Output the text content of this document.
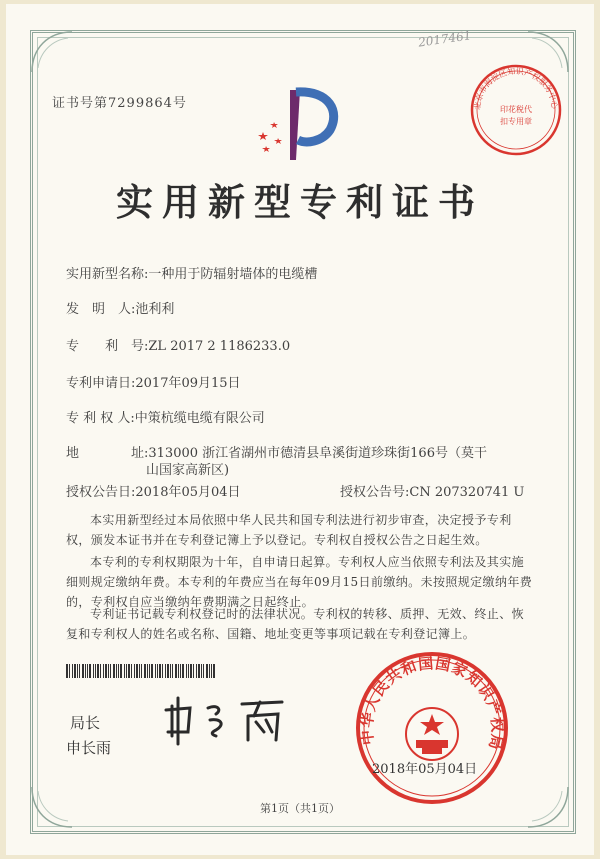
2017461
证书号第7299864号	北京市海淀区知识产权服务中心
印花税代
扣专用章
实用新型专利证书
实用新型名称:一种用于防辐射墙体的电缆槽
发　明　人:池利利
专　　利　号:ZL 2017 2 1186233.0
专利申请日:2017年09月15日
专 利 权 人:中策杭缆电缆有限公司
地　　　　址:313000 浙江省湖州市德清县阜溪街道珍珠街166号（莫干
山国家高新区)
授权公告日:2018年05月04日	授权公告号:CN 207320741 U

本实用新型经过本局依照中华人民共和国专利法进行初步审查，决定授予专利权，颁发本证书并在专利登记簿上予以登记。专利权自授权公告之日起生效。

本专利的专利权期限为十年，自申请日起算。专利权人应当依照专利法及其实施细则规定缴纳年费。本专利的年费应当在每年09月15日前缴纳。未按照规定缴纳年费的，专利权自应当缴纳年费期满之日起终止。

专利证书记载专利权登记时的法律状况。专利权的转移、质押、无效、终止、恢复和专利权人的姓名或名称、国籍、地址变更等事项记载在专利登记簿上。

局长
申长雨
中华人民共和国国家知识产权局
2018年05月04日
第1页（共1页）
